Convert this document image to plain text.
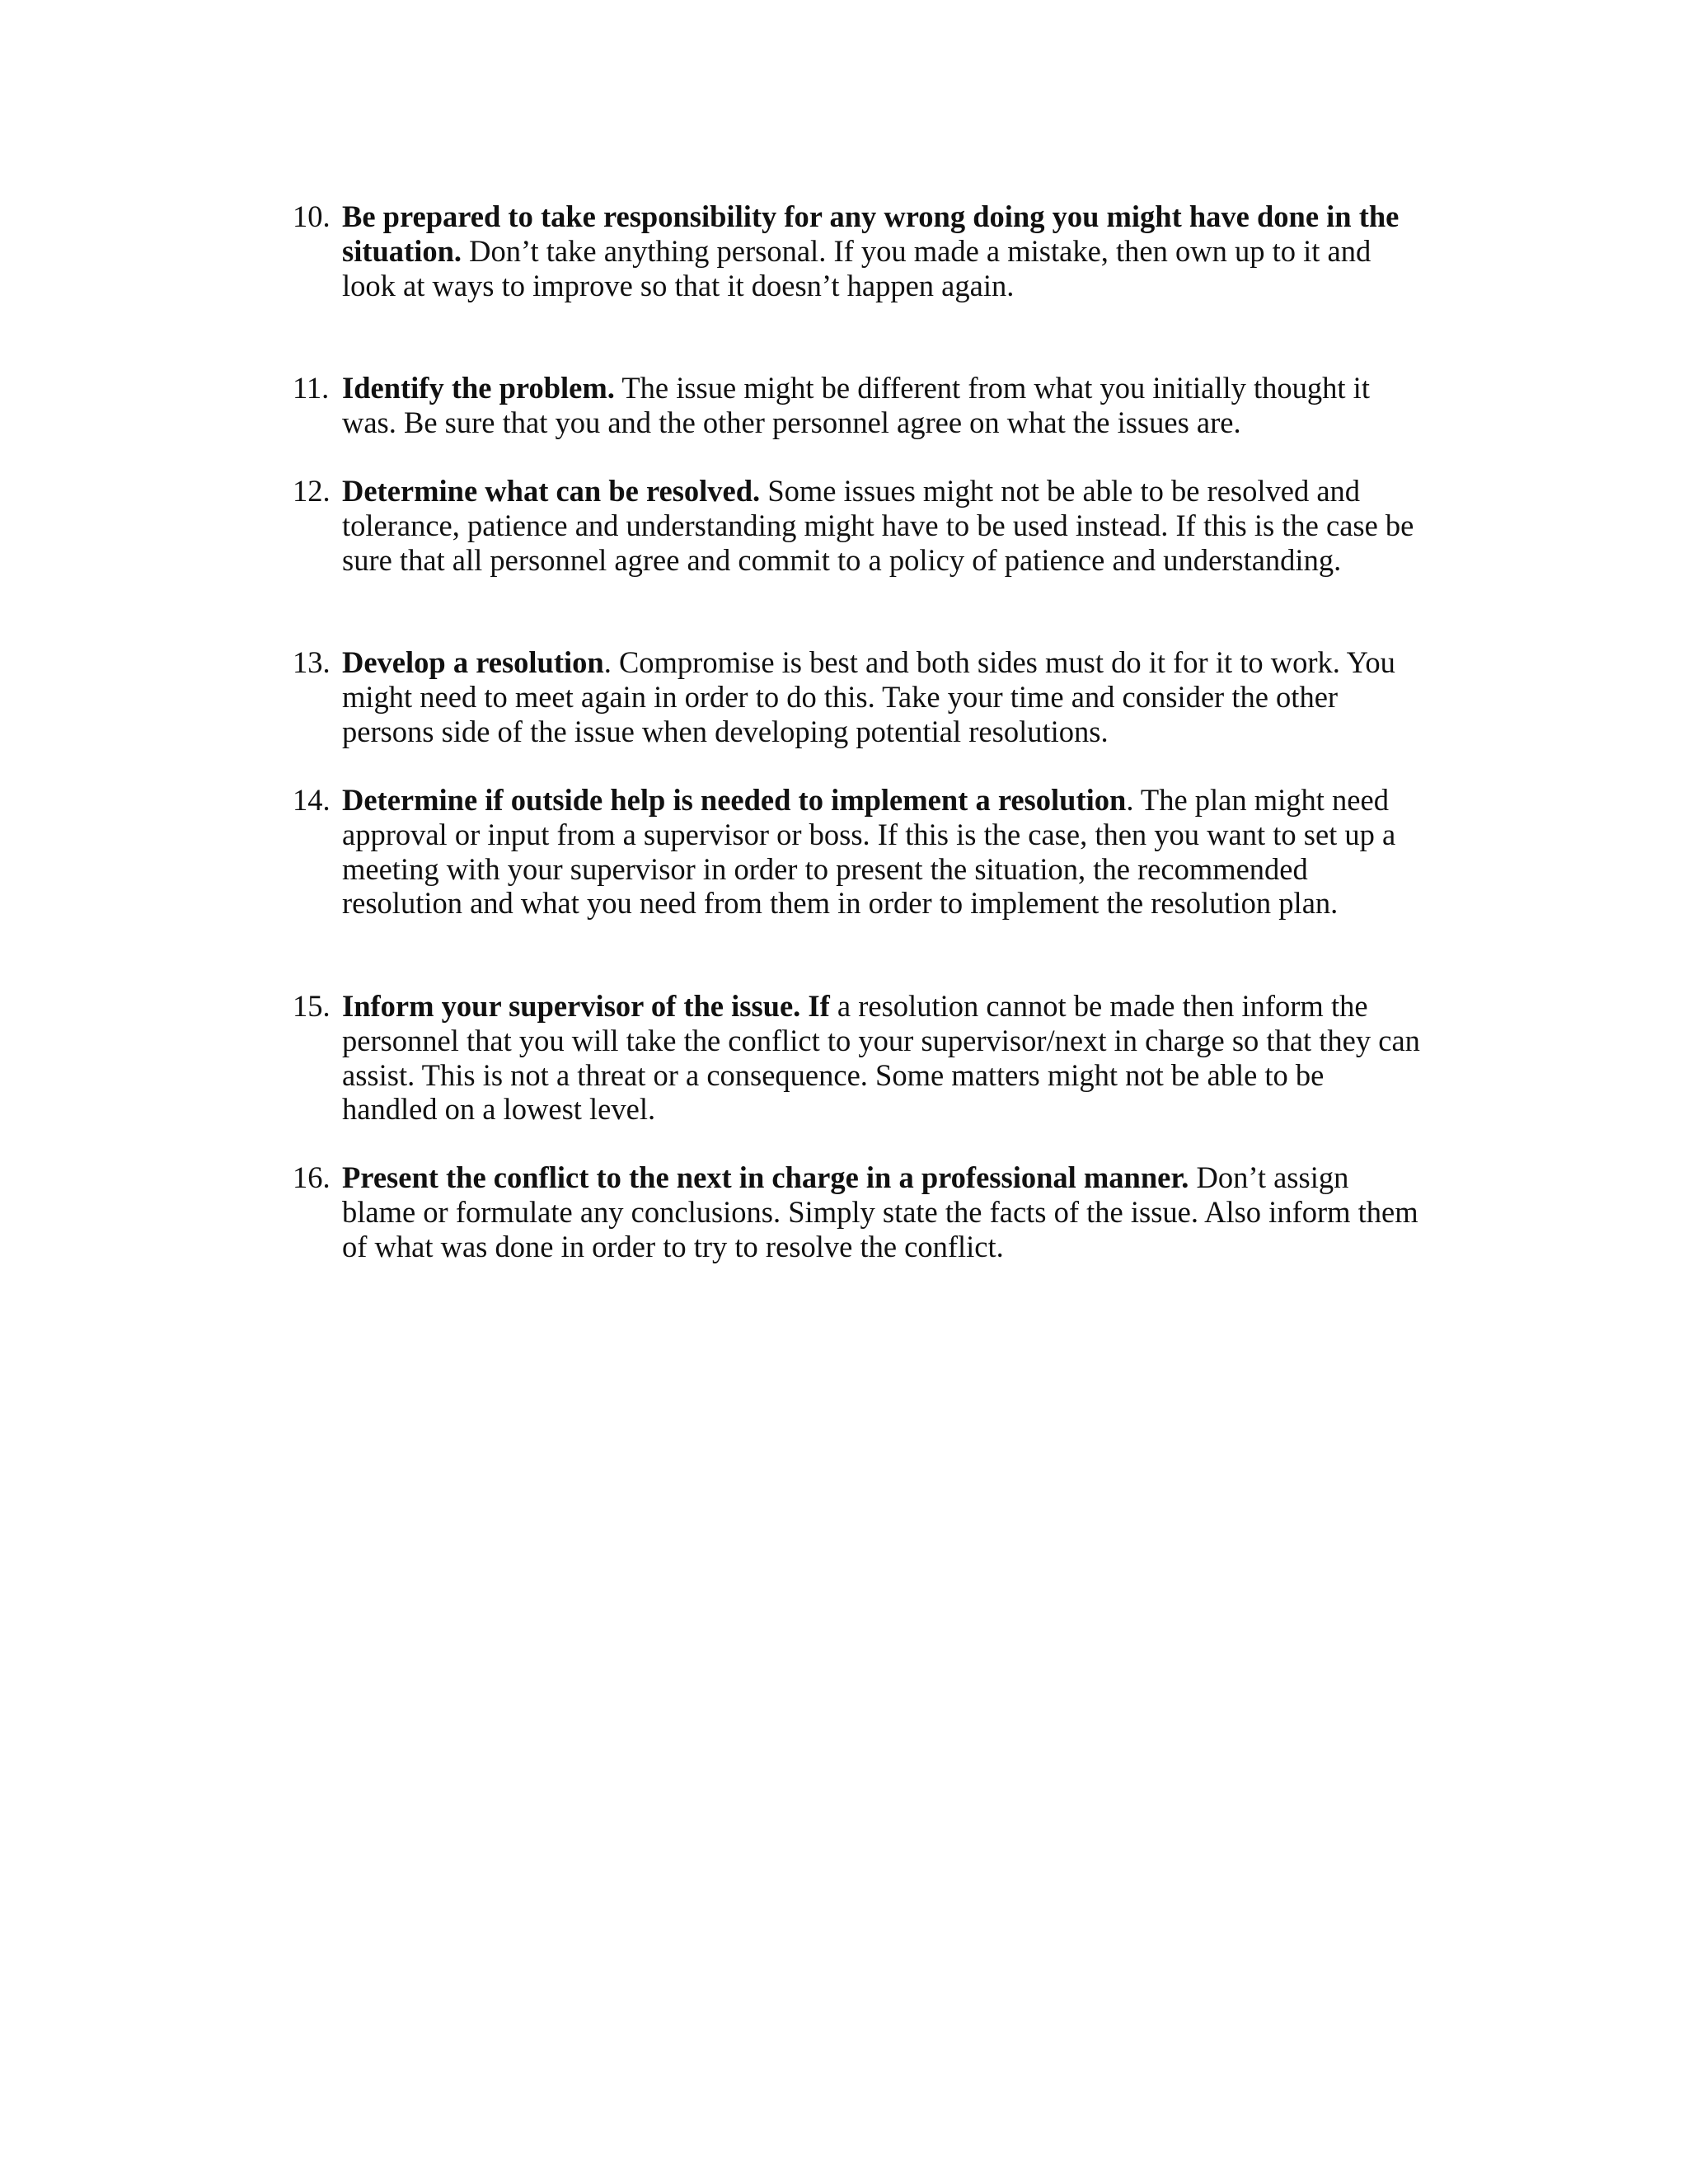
10. Be prepared to take responsibility for any wrong doing you might have done in the
situation. Don’t take anything personal. If you made a mistake, then own up to it and
look at ways to improve so that it doesn’t happen again.
11. Identify the problem. The issue might be different from what you initially thought it
was. Be sure that you and the other personnel agree on what the issues are.
12. Determine what can be resolved. Some issues might not be able to be resolved and
tolerance, patience and understanding might have to be used instead. If this is the case be
sure that all personnel agree and commit to a policy of patience and understanding.
13. Develop a resolution. Compromise is best and both sides must do it for it to work. You
might need to meet again in order to do this. Take your time and consider the other
persons side of the issue when developing potential resolutions.
14. Determine if outside help is needed to implement a resolution. The plan might need
approval or input from a supervisor or boss. If this is the case, then you want to set up a
meeting with your supervisor in order to present the situation, the recommended
resolution and what you need from them in order to implement the resolution plan.
15. Inform your supervisor of the issue. If a resolution cannot be made then inform the
personnel that you will take the conflict to your supervisor/next in charge so that they can
assist. This is not a threat or a consequence. Some matters might not be able to be
handled on a lowest level.
16. Present the conflict to the next in charge in a professional manner. Don’t assign
blame or formulate any conclusions. Simply state the facts of the issue. Also inform them
of what was done in order to try to resolve the conflict.
